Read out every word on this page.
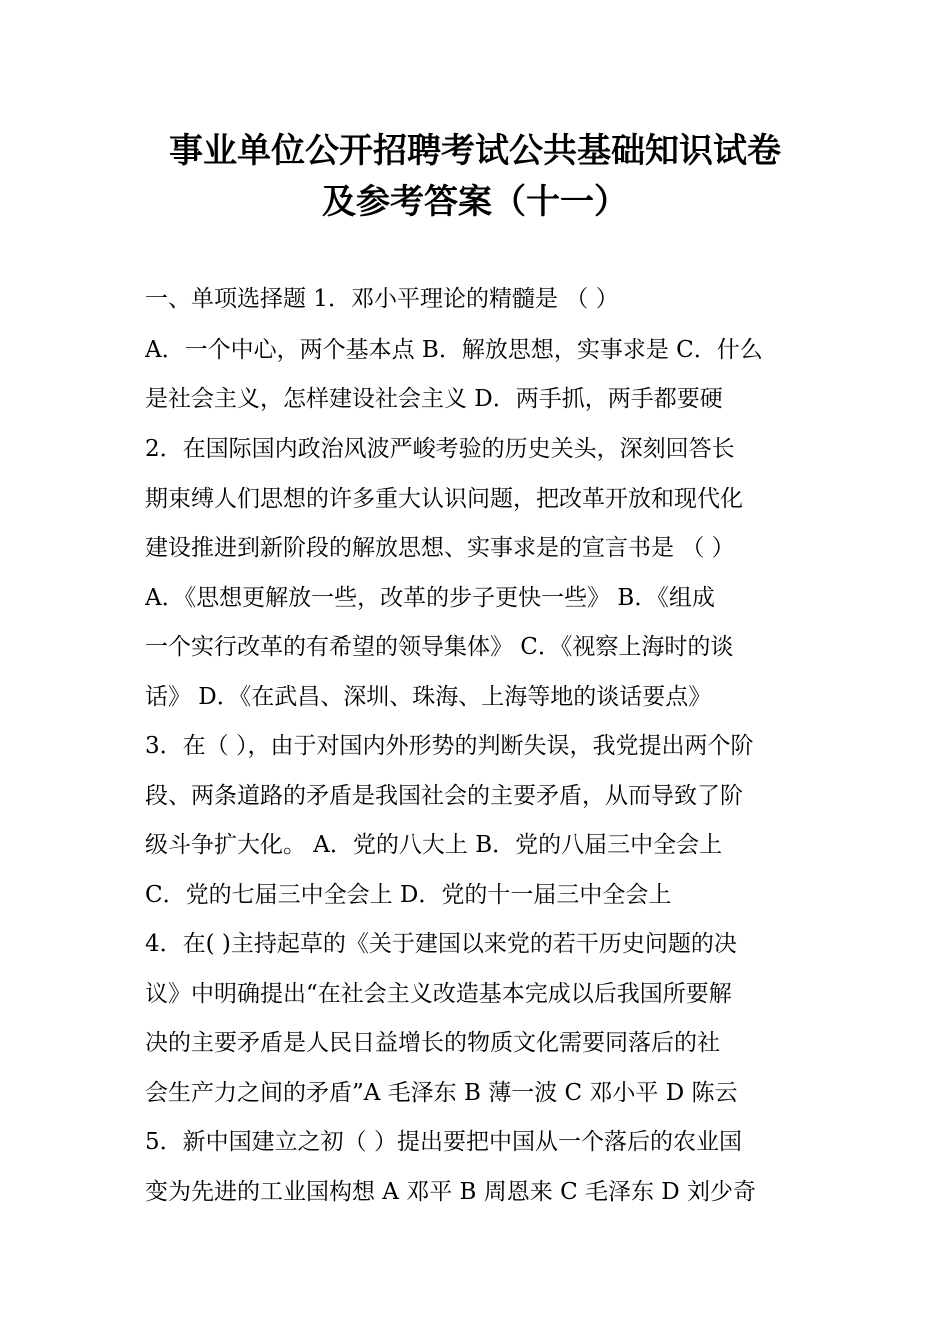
事业单位公开招聘考试公共基础知识试卷
及参考答案（十一）
一、单项选择题 1．邓小平理论的精髓是 （ ）
A．一个中心，两个基本点 B．解放思想，实事求是 C．什么
是社会主义，怎样建设社会主义 D．两手抓，两手都要硬
2．在国际国内政治风波严峻考验的历史关头，深刻回答长
期束缚人们思想的许多重大认识问题，把改革开放和现代化
建设推进到新阶段的解放思想、实事求是的宣言书是 （ ）
A．《思想更解放一些，改革的步子更快一些》 B．《组成
一个实行改革的有希望的领导集体》 C．《视察上海时的谈
话》 D．《在武昌、深圳、珠海、上海等地的谈话要点》
3．在（ ），由于对国内外形势的判断失误，我党提出两个阶
段、两条道路的矛盾是我国社会的主要矛盾，从而导致了阶
级斗争扩大化。 A．党的八大上 B．党的八届三中全会上
C．党的七届三中全会上 D．党的十一届三中全会上
4．在( )主持起草的《关于建国以来党的若干历史问题的决
议》中明确提出“在社会主义改造基本完成以后我国所要解
决的主要矛盾是人民日益增长的物质文化需要同落后的社
会生产力之间的矛盾”A 毛泽东 B 薄一波 C 邓小平 D 陈云
5．新中国建立之初（ ）提出要把中国从一个落后的农业国
变为先进的工业国构想 A 邓平 B 周恩来 C 毛泽东 D 刘少奇
